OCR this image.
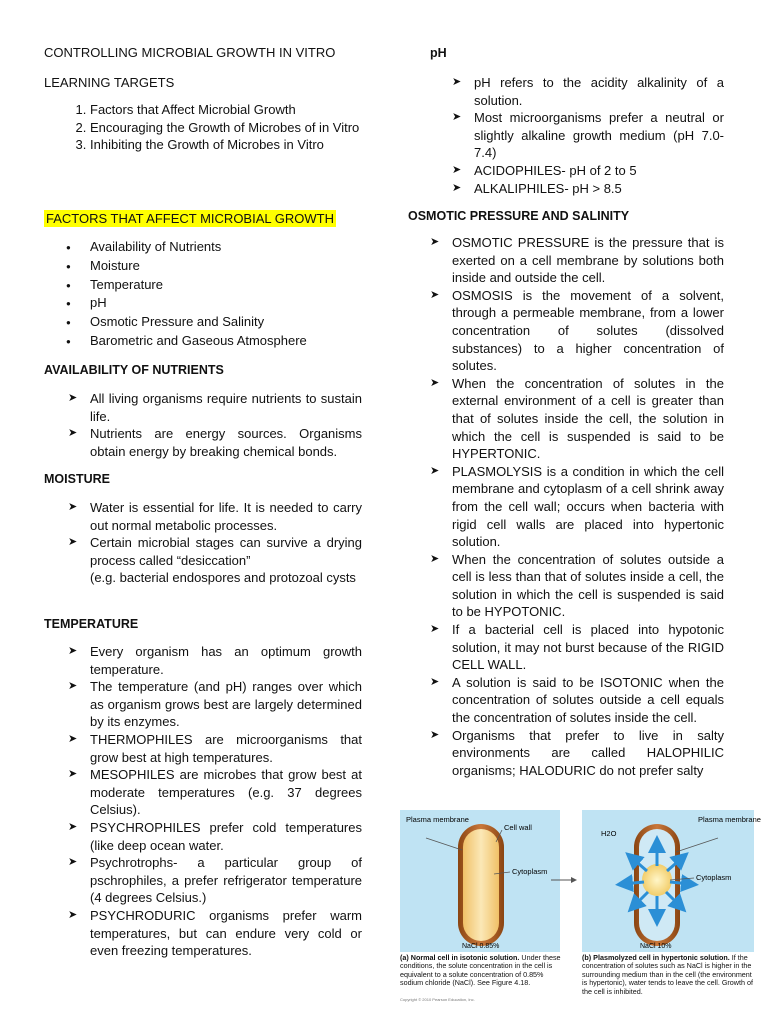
CONTROLLING MICROBIAL GROWTH IN VITRO

LEARNING TARGETS

1. Factors that Affect Microbial Growth
2. Encouraging the Growth of Microbes of in Vitro
3. Inhibiting the Growth of Microbes in Vitro
FACTORS THAT AFFECT MICROBIAL GROWTH
● Availability of Nutrients
● Moisture
● Temperature
● pH
● Osmotic Pressure and Salinity
● Barometric and Gaseous Atmosphere

AVAILABILITY OF NUTRIENTS

➤ All living organisms require nutrients to sustain life.
➤ Nutrients are energy sources. Organisms obtain energy by breaking chemical bonds.

MOISTURE

➤ Water is essential for life. It is needed to carry out normal metabolic processes.
➤ Certain microbial stages can survive a drying process called “desiccation”
(e.g. bacterial endospores and protozoal cysts

TEMPERATURE

➤ Every organism has an optimum growth temperature.
➤ The temperature (and pH) ranges over which as organism grows best are largely determined by its enzymes.
➤ THERMOPHILES are microorganisms that grow best at high temperatures.
➤ MESOPHILES are microbes that grow best at moderate temperatures (e.g. 37 degrees Celsius).
➤ PSYCHROPHILES prefer cold temperatures (like deep ocean water.
➤ Psychrotrophs- a particular group of pschrophiles, a prefer refrigerator temperature (4 degrees Celsius.)
➤ PSYCHRODURIC organisms prefer warm temperatures, but can endure very cold or even freezing temperatures.

pH

➤ pH refers to the acidity alkalinity of a solution.
➤ Most microorganisms prefer a neutral or slightly alkaline growth medium (pH 7.0-7.4)
➤ ACIDOPHILES- pH of 2 to 5
➤ ALKALIPHILES- pH > 8.5

OSMOTIC PRESSURE AND SALINITY

➤ OSMOTIC PRESSURE is the pressure that is exerted on a cell membrane by solutions both inside and outside the cell.
➤ OSMOSIS is the movement of a solvent, through a permeable membrane, from a lower concentration of solutes (dissolved substances) to a higher concentration of solutes.
➤ When the concentration of solutes in the external environment of a cell is greater than that of solutes inside the cell, the solution in which the cell is suspended is said to be HYPERTONIC.
➤ PLASMOLYSIS is a condition in which the cell membrane and cytoplasm of a cell shrink away from the cell wall; occurs when bacteria with rigid cell walls are placed into hypertonic solution.
➤ When the concentration of solutes outside a cell is less than that of solutes inside a cell, the solution in which the cell is suspended is said to be HYPOTONIC.
➤ If a bacterial cell is placed into hypotonic solution, it may not burst because of the RIGID CELL WALL.
➤ A solution is said to be ISOTONIC when the concentration of solutes outside a cell equals the concentration of solutes inside the cell.
➤ Organisms that prefer to live in salty environments are called HALOPHILIC organisms; HALODURIC do not prefer salty
Plasma membrane
Cell wall
Cytoplasm
NaCl 0.85%
H2O
Plasma membrane
Cytoplasm
NaCl 10%
(a) Normal cell in isotonic solution. Under these conditions, the solute concentration in the cell is equivalent to a solute concentration of 0.85% sodium chloride (NaCl). See Figure 4.18.
(b) Plasmolyzed cell in hypertonic solution. If the concentration of solutes such as NaCl is higher in the surrounding medium than in the cell (the environment is hypertonic), water tends to leave the cell. Growth of the cell is inhibited.
Copyright © 2010 Pearson Education, Inc.
